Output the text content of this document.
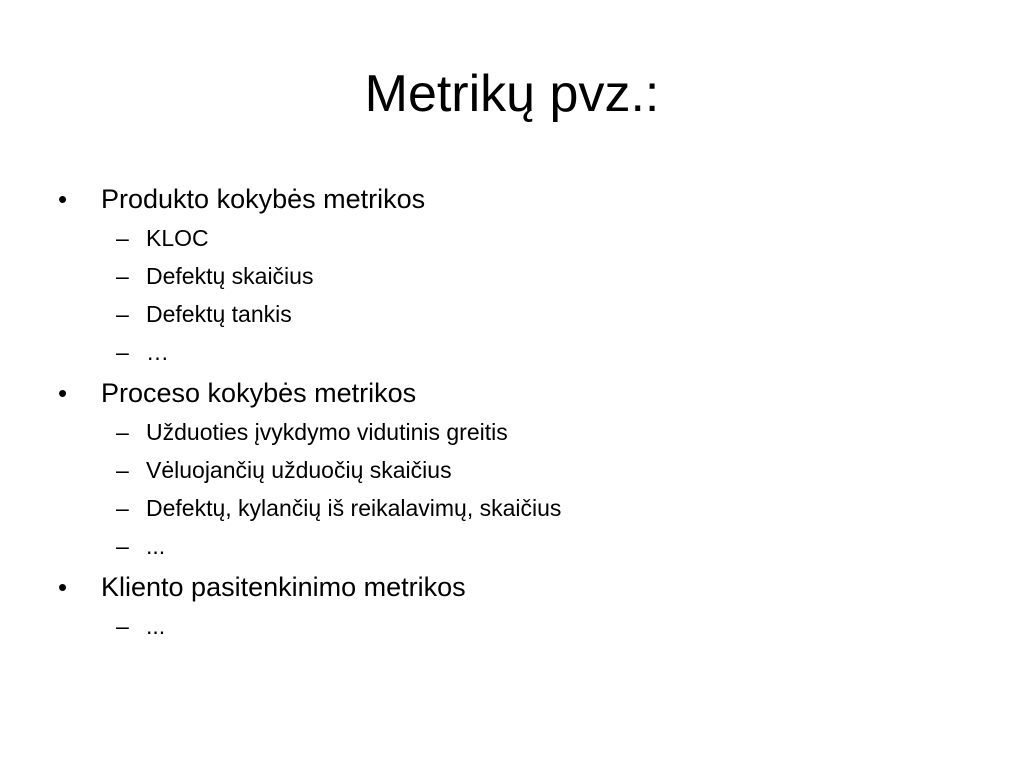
Metrikų pvz.:
• Produkto kokybės metrikos
– KLOC
– Defektų skaičius
– Defektų tankis
– …
• Proceso kokybės metrikos
– Užduoties įvykdymo vidutinis greitis
– Vėluojančių užduočių skaičius
– Defektų, kylančių iš reikalavimų, skaičius
– ...
• Kliento pasitenkinimo metrikos
– ...
